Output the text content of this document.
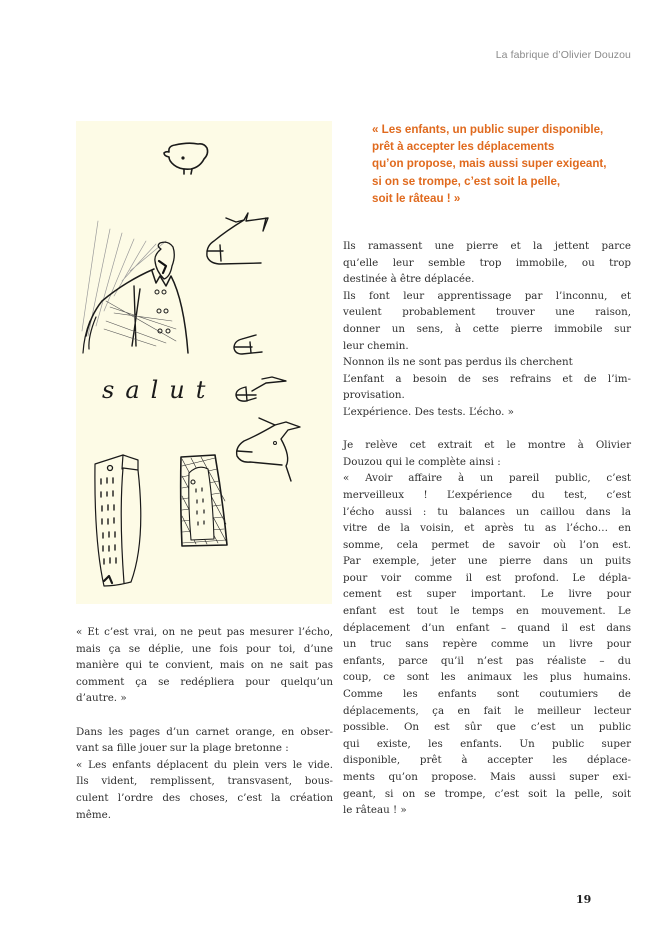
La fabrique d’Olivier Douzou
salut
« Les enfants, un public super disponible,
prêt à accepter les déplacements
qu’on propose, mais aussi super exigeant,
si on se trompe, c’est soit la pelle,
soit le râteau ! »

Ils ramassent une pierre et la jettent parce
qu’elle leur semble trop immobile, ou trop
destinée à être déplacée.
Ils font leur apprentissage par l’inconnu, et
veulent probablement trouver une raison,
donner un sens, à cette pierre immobile sur
leur chemin.
Nonnon ils ne sont pas perdus ils cherchent
L’enfant a besoin de ses refrains et de l’im-
provisation.
L’expérience. Des tests. L’écho. »

Je relève cet extrait et le montre à Olivier
Douzou qui le complète ainsi :
« Avoir affaire à un pareil public, c’est
merveilleux ! L’expérience du test, c’est
l’écho aussi : tu balances un caillou dans la
vitre de la voisin, et après tu as l’écho… en
somme, cela permet de savoir où l’on est.
Par exemple, jeter une pierre dans un puits
pour voir comme il est profond. Le dépla-
cement est super important. Le livre pour
enfant est tout le temps en mouvement. Le
déplacement d’un enfant – quand il est dans
un truc sans repère comme un livre pour
enfants, parce qu’il n’est pas réaliste – du
coup, ce sont les animaux les plus humains.
Comme les enfants sont coutumiers de
déplacements, ça en fait le meilleur lecteur
possible. On est sûr que c’est un public
qui existe, les enfants. Un public super
disponible, prêt à accepter les déplace-
ments qu’on propose. Mais aussi super exi-
geant, si on se trompe, c’est soit la pelle, soit
le râteau ! »

« Et c’est vrai, on ne peut pas mesurer l’écho,
mais ça se déplie, une fois pour toi, d’une
manière qui te convient, mais on ne sait pas
comment ça se redépliera pour quelqu’un
d’autre. »

Dans les pages d’un carnet orange, en obser-
vant sa fille jouer sur la plage bretonne :
« Les enfants déplacent du plein vers le vide.
Ils vident, remplissent, transvasent, bous-
culent l’ordre des choses, c’est la création
même.

19
